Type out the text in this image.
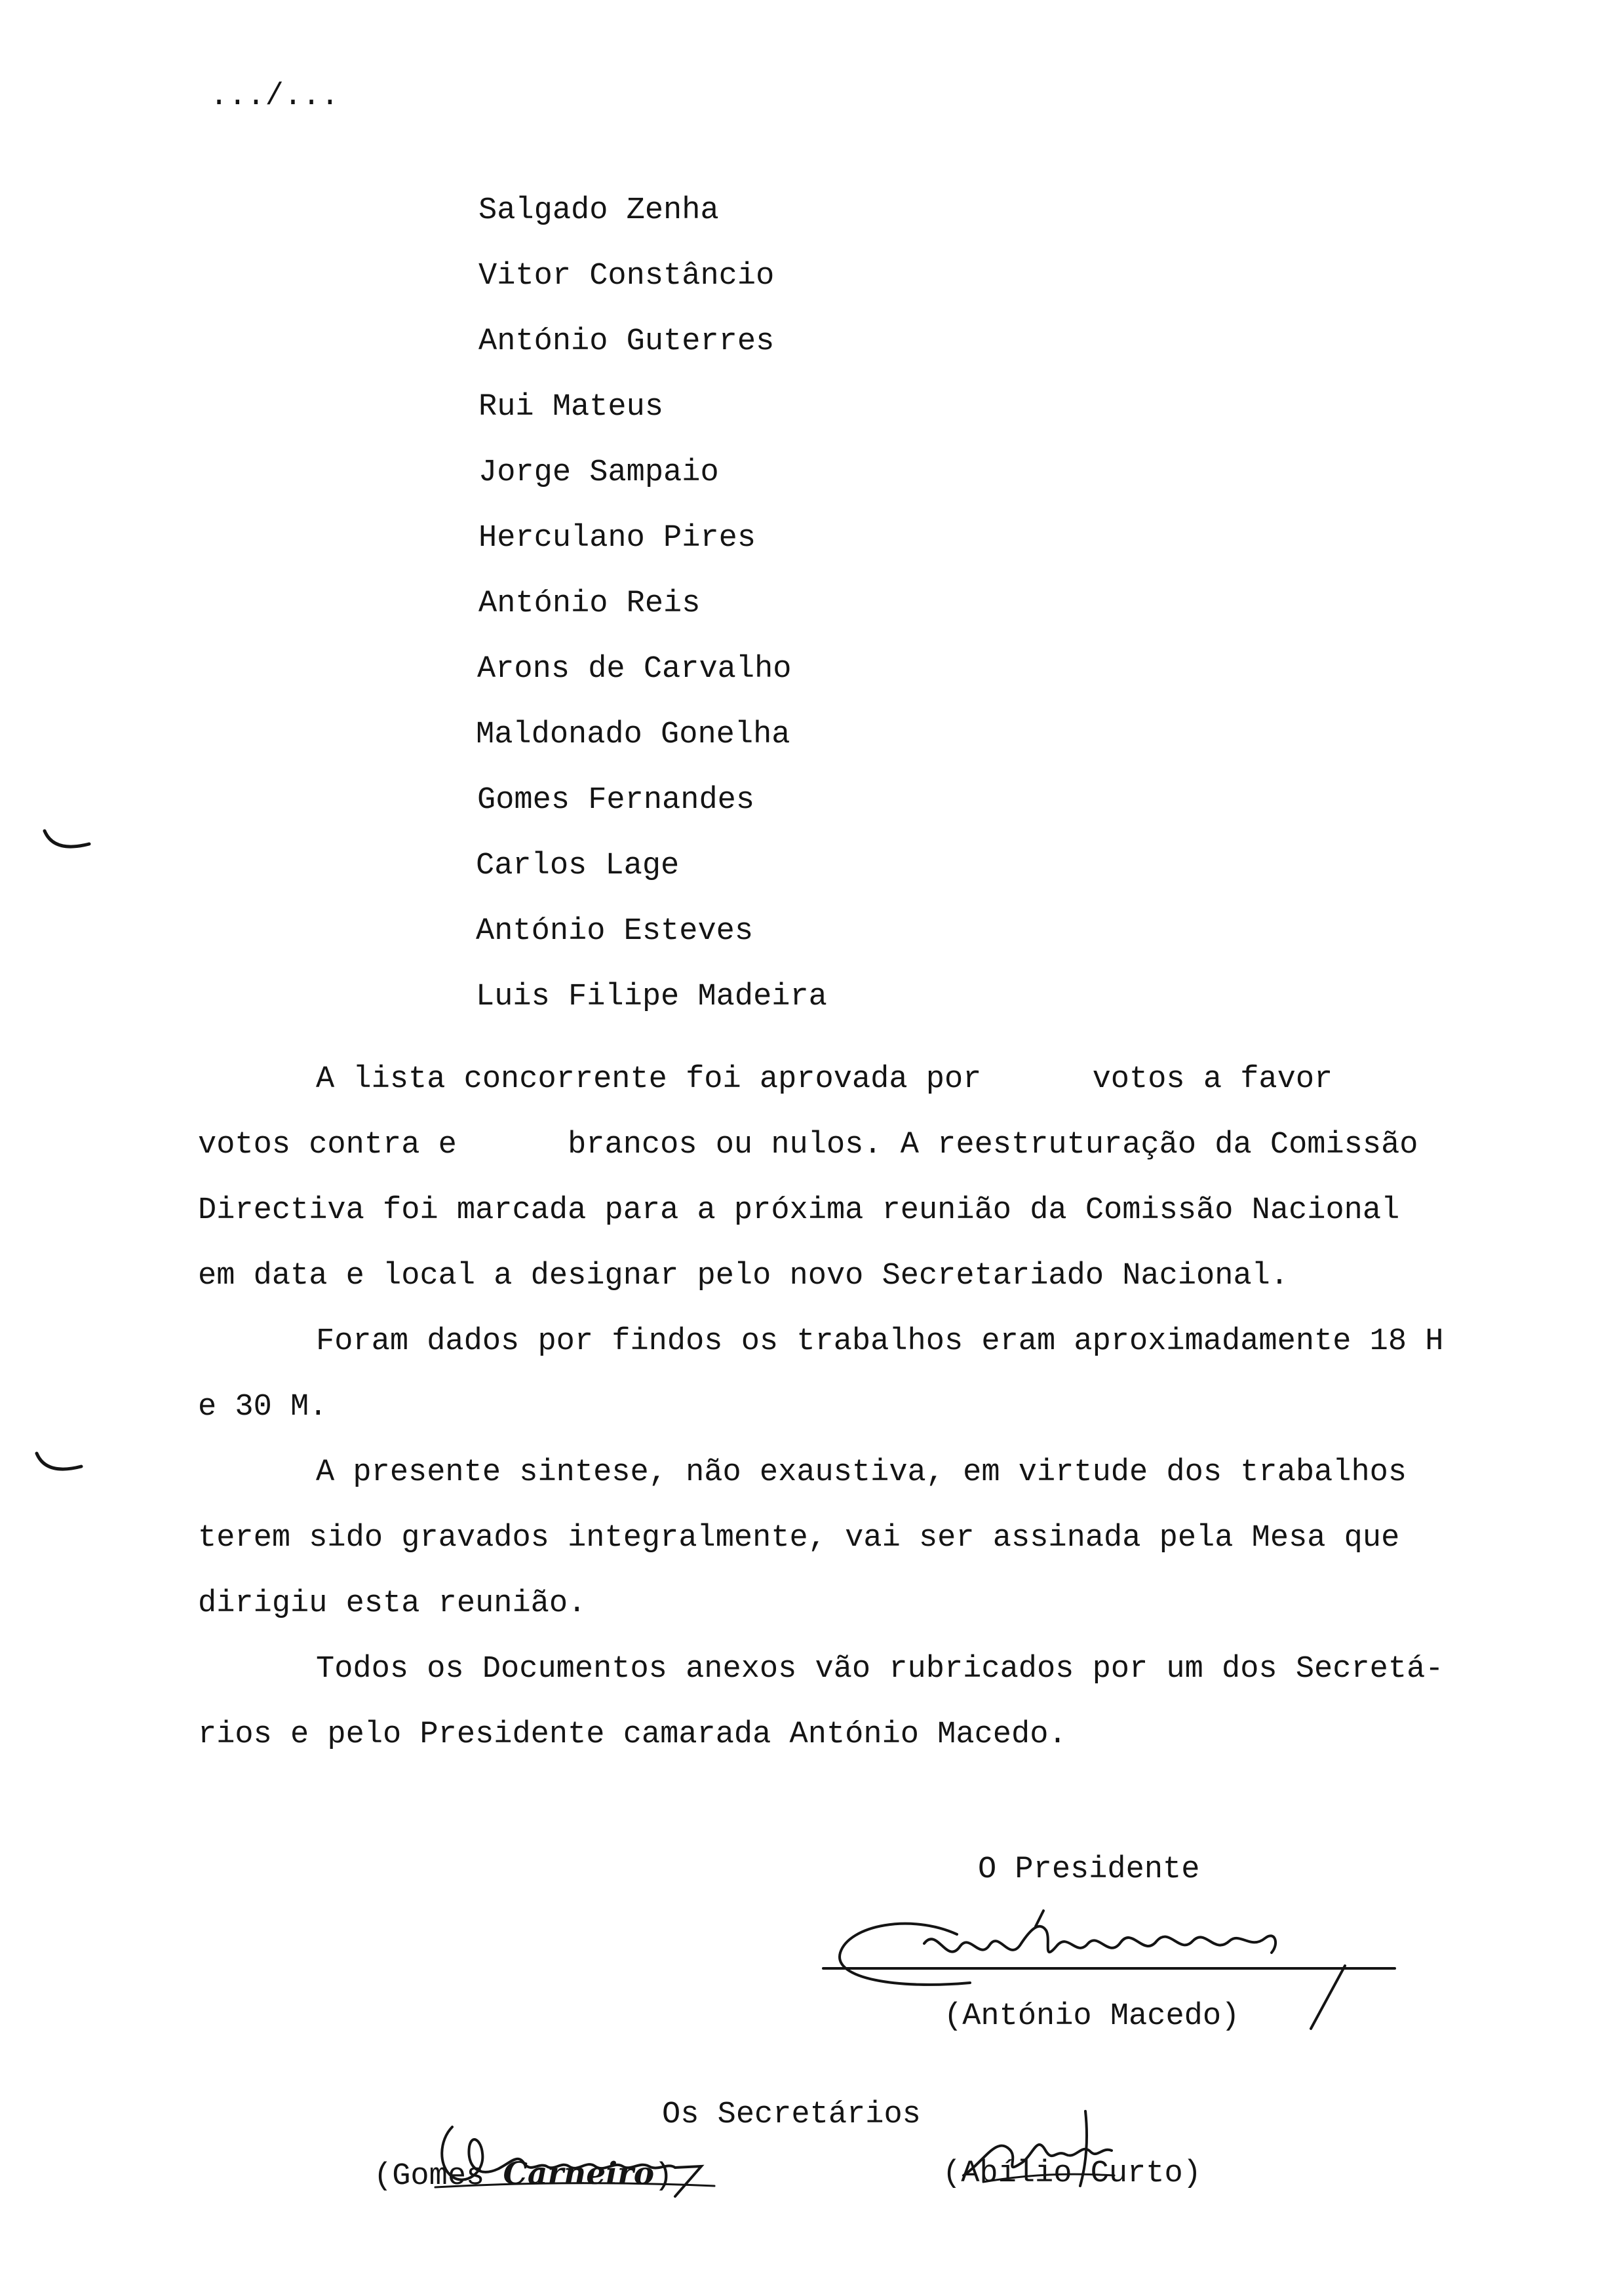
.../...
Salgado Zenha
Vitor Constâncio
António Guterres
Rui Mateus
Jorge Sampaio
Herculano Pires
António Reis
Arons de Carvalho
Maldonado Gonelha
Gomes Fernandes
Carlos Lage
António Esteves
Luis Filipe Madeira
A lista concorrente foi aprovada por      votos a favor
votos contra e      brancos ou nulos. A reestruturação da Comissão
Directiva foi marcada para a próxima reunião da Comissão Nacional
em data e local a designar pelo novo Secretariado Nacional.
Foram dados por findos os trabalhos eram aproximadamente 18 H
e 30 M.
A presente sintese, não exaustiva, em virtude dos trabalhos
terem sido gravados integralmente, vai ser assinada pela Mesa que
dirigiu esta reunião.
Todos os Documentos anexos vão rubricados por um dos Secretá-
rios e pelo Presidente camarada António Macedo.
O Presidente
(António Macedo)
Os Secretários
(Gomes Carneiro)	(Abílio Curto)
